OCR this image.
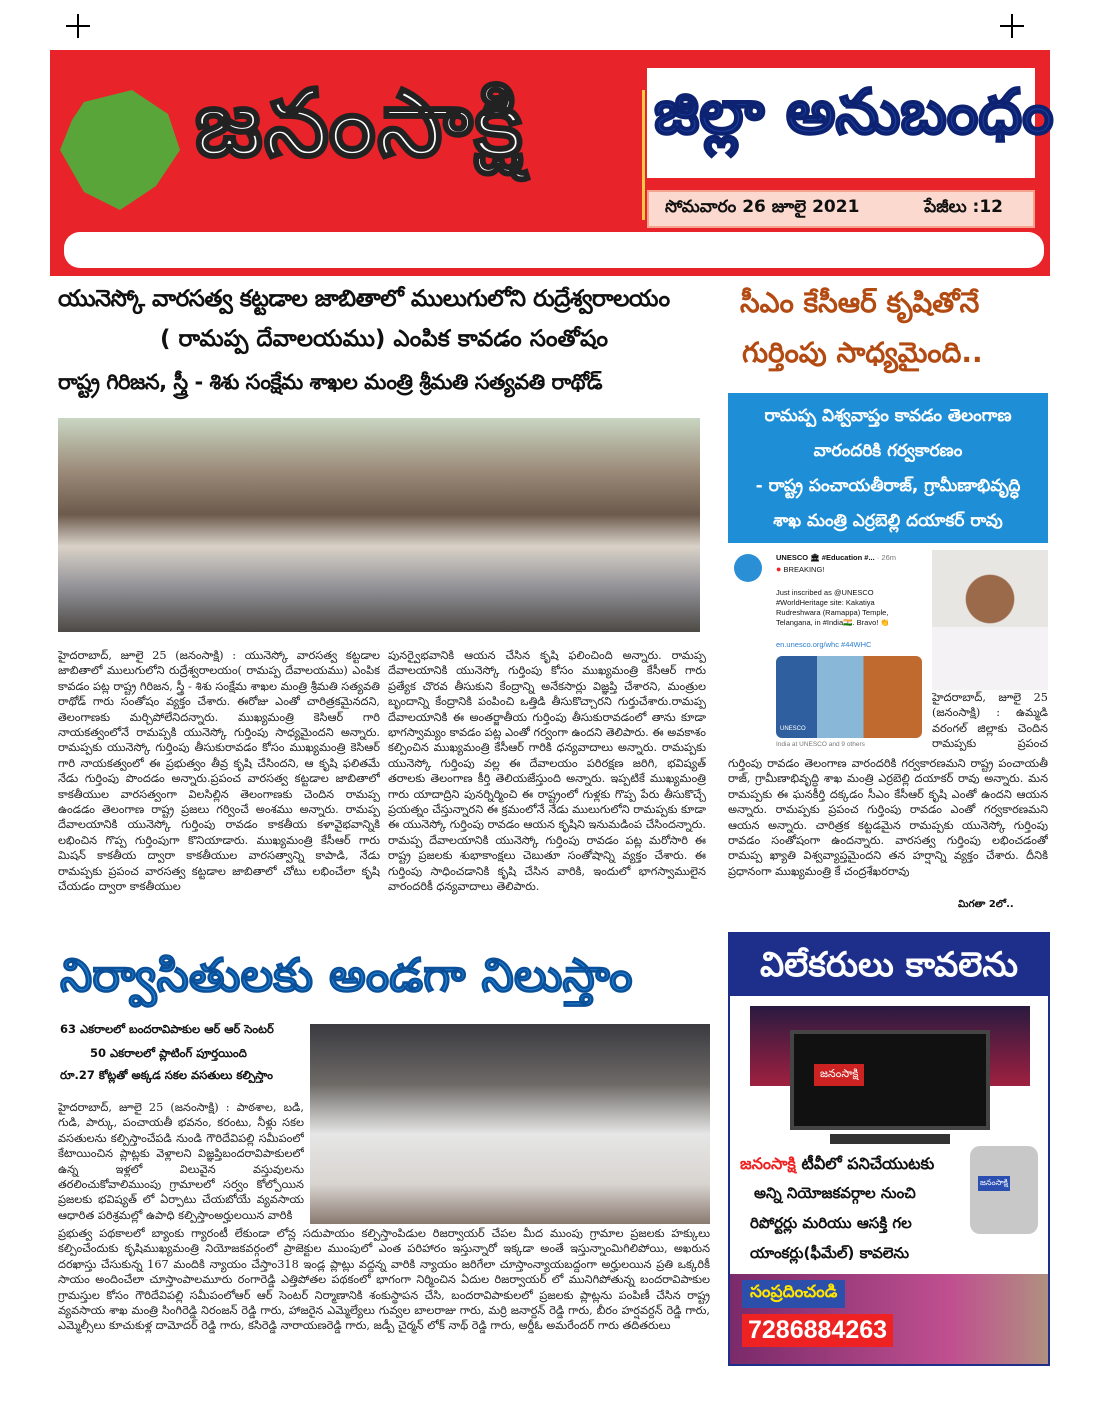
జనంసాక్షి జిల్లా అనుబంధం
సోమవారం 26 జూలై 2021	పేజీలు :12
యునెస్కో వారసత్వ కట్టడాల జాబితాలో ములుగులోని రుద్రేశ్వరాలయం
( రామప్ప దేవాలయము) ఎంపిక కావడం సంతోషం
రాష్ట్ర గిరిజన, స్త్రీ - శిశు సంక్షేమ శాఖల మంత్రి శ్రీమతి సత్యవతి రాథోడ్
హైదరాబాద్, జూలై 25 (జనంసాక్షి) : యునెస్కో వారసత్వ కట్టడాల జాబితాలో ములుగులోని రుద్రేశ్వరాలయం( రామప్ప దేవాలయము) ఎంపిక కావడం పట్ల రాష్ట్ర గిరిజన, స్త్రీ - శిశు సంక్షేమ శాఖల మంత్రి శ్రీమతి సత్యవతి రాథోడ్ గారు సంతోషం వ్యక్తం చేశారు. ఈరోజు ఎంతో చారిత్రకమైనదని, తెలంగాణకు మర్చిపోలేనిదన్నారు. ముఖ్యమంత్రి కెసిఆర్ గారి నాయకత్వంలోనే రామప్పకి యునెస్కో గుర్తింపు సాధ్యమైందని అన్నారు. రామప్పకు యునెస్కో గుర్తింపు తీసుకురావడం కోసం ముఖ్యమంత్రి కెసిఆర్ గారి నాయకత్వంలో ఈ ప్రభుత్వం తీవ్ర కృషి చేసిందని, ఆ కృషి ఫలితమే నేడు గుర్తింపు పొందడం అన్నారు.ప్రపంచ వారసత్వ కట్టడాల జాబితాలో కాకతీయుల వారసత్వంగా విలసిల్లిన తెలంగాణకు చెందిన రామప్ప ఉండడం తెలంగాణ రాష్ట్ర ప్రజలు గర్వించే అంశము అన్నారు. రామప్ప దేవాలయానికి యునెస్కో గుర్తింపు రావడం కాకతీయ కళావైభవాన్నికి లభించిన గొప్ప గుర్తింపుగా కొనియాడారు. ముఖ్యమంత్రి కేసీఆర్ గారు మిషన్ కాకతీయ ద్వారా కాకతీయుల వారసత్వాన్ని కాపాడి, నేడు రామప్పకు ప్రపంచ వారసత్వ కట్టడాల జాబితాలో చోటు లభించేలా కృషి చేయడం ద్వారా కాకతీయుల
పునర్వైభవానికి ఆయన చేసిన కృషి ఫలించింది అన్నారు. రామప్ప దేవాలయానికి యునెస్కో గుర్తింపు కోసం ముఖ్యమంత్రి కేసీఆర్ గారు ప్రత్యేక చొరవ తీసుకుని కేంద్రాన్ని అనేకసార్లు విజ్ఞప్తి చేశారని, మంత్రుల బృందాన్ని కేంద్రానికి పంపించి ఒత్తిడి తీసుకొచ్చారని గుర్తుచేశారు.రామప్ప దేవాలయానికి ఈ అంతర్జాతీయ గుర్తింపు తీసుకురావడంలో తాను కూడా భాగస్వామ్యం కావడం పట్ల ఎంతో గర్వంగా ఉందని తెలిపారు. ఈ అవకాశం కల్పించిన ముఖ్యమంత్రి కేసీఆర్ గారికి ధన్యవాదాలు అన్నారు. రామప్పకు యునెస్కో గుర్తింపు వల్ల ఈ దేవాలయం పరిరక్షణ జరిగి, భవిష్యత్ తరాలకు తెలంగాణ కీర్తి తెలియజేస్తుంది అన్నారు. ఇప్పటికే ముఖ్యమంత్రి గారు యాదాద్రిని పునర్నిర్మించి ఈ రాష్ట్రంలో గుళ్లకు గొప్ప పేరు తీసుకొచ్చే ప్రయత్నం చేస్తున్నారని ఈ క్రమంలోనే నేడు ములుగులోని రామప్పకు కూడా ఈ యునెస్కో గుర్తింపు రావడం ఆయన కృషిని ఇనుమడింప చేసిందన్నారు. రామప్ప దేవాలయానికి యునెస్కో గుర్తింపు రావడం పట్ల మరోసారి ఈ రాష్ట్ర ప్రజలకు శుభాకాంక్షలు చెబుతూ సంతోషాన్ని వ్యక్తం చేశారు. ఈ గుర్తింపు సాధించడానికి కృషి చేసిన వారికి, ఇందులో భాగస్వాములైన వారందరికీ ధన్యవాదాలు తెలిపారు.
సీఎం కేసీఆర్ కృషితోనే
గుర్తింపు సాధ్యమైంది..
రామప్ప విశ్వవాప్తం కావడం తెలంగాణ
వారందరికి గర్వకారణం
- రాష్ట్ర పంచాయతీరాజ్, గ్రామీణాభివృద్ధి
శాఖ మంత్రి ఎర్రబెల్లి దయాకర్ రావు
UNESCO 🏛 #Education #... · 26m
● BREAKING!
Just inscribed as @UNESCO #WorldHeritage site: Kakatiya Rudreshwara (Ramappa) Temple, Telangana, in #India🇮🇳. Bravo! 👏
en.unesco.org/whc #44WHC
UNESCO
India at UNESCO and 9 others
హైదరాబాద్, జూలై 25 (జనంసాక్షి) : ఉమ్మడి వరంగల్ జిల్లాకు చెందిన రామప్పకు ప్రపంచ
గుర్తింపు రావడం తెలంగాణ వారందరికి గర్వకారణమని రాష్ట్ర పంచాయతీ రాజ్, గ్రామీణాభివృద్ధి శాఖ మంత్రి ఎర్రబెల్లి దయాకర్ రావు అన్నారు. మన రామప్పకు ఈ ఘనకీర్తి దక్కడం సీఎం కేసీఆర్ కృషి ఎంతో ఉందని ఆయన అన్నారు. రామప్పకు ప్రపంచ గుర్తింపు రావడం ఎంతో గర్వకారణమని ఆయన అన్నారు. చారిత్రక కట్టడమైన రామప్పకు యునెస్కో గుర్తింపు రావడం సంతోషంగా ఉందన్నారు. వారసత్వ గుర్తింపు లభించడంతో రామప్ప ఖ్యాతి విశ్వవ్యాప్తమైందని తన హర్షాన్ని వ్యక్తం చేశారు. దీనికి ప్రధానంగా ముఖ్యమంత్రి కే చంద్రశేఖరరావు
మిగతా 2లో..
నిర్వాసితులకు అండగా నిలుస్తాం
63 ఎకరాలలో బందరావిపాకుల ఆర్ ఆర్ సెంటర్
50 ఎకరాలలో ప్లాటింగ్ పూర్తయింది
రూ.27 కోట్లతో అక్కడ సకల వసతులు కల్పిస్తాం
హైదరాబాద్, జూలై 25 (జనంసాక్షి) : పాఠశాల, బడి, గుడి, పార్కు, పంచాయతీ భవనం, కరంటు, నీళ్లు సకల వసతులను కల్పిస్తాంచేపడి నుండి గౌరిదేవిపల్లి సమీపంలో కేటాయించిన ప్లాట్లకు వెళ్లాలని విజ్ఞప్తిబందరావిపాకులలో ఉన్న ఇళ్లలో విలువైన వస్తువులను తరలించుకోవాలిముంపు గ్రామాలలో సర్వం కోల్పోయిన ప్రజలకు భవిష్యత్ లో ఏర్పాటు చేయబోయే వ్యవసాయ ఆధారిత పరిశ్రమల్లో ఉపాధి కల్పిస్తాంఅర్హులయిన వారికి
ప్రభుత్వ పథకాలలో బ్యాంకు గ్యారంటీ లేకుండా లోన్ల సదుపాయం కల్పిస్తాంపిడుల రిజర్వాయర్ చేపల మీద ముంపు గ్రామాల ప్రజలకు హక్కులు కల్పించేందుకు కృషిముఖ్యమంత్రి నియోజకవర్గంలో ప్రాజెక్టుల ముంపులో ఎంత పరిహారం ఇస్తున్నారో ఇక్కడా అంతే ఇస్తున్నాంమిగిలిపోయి, అఖరున దరఖాస్తు చేసుకున్న 167 మందికి న్యాయం చేస్తాం318 ఇండ్ల ప్లాట్లు వద్దన్న వారికి న్యాయం జరిగేలా చూస్తాంన్యాయబద్దంగా అర్హులయిన ప్రతి ఒక్కరికీ సాయం అందించేలా చూస్తాంపాలమూరు రంగారెడ్డి ఎత్తిపోతల పథకంలో భాగంగా నిర్మించిన ఏదుల రిజర్వాయర్ లో మునిగిపోతున్న బందరావిపాకుల గ్రామస్తుల కోసం గౌరిదేవిపల్లి సమీపంలోఆర్ ఆర్ సెంటర్ నిర్మాణానికి శంకుస్థాపన చేసి, బందరావిపాకులలో ప్రజలకు ప్లాట్లను పంపిణీ చేసిన రాష్ట్ర వ్యవసాయ శాఖ మంత్రి సింగిరెడ్డి నిరంజన్ రెడ్డి గారు, హాజరైన ఎమ్మెల్యేలు గువ్వల బాలరాజు గారు, మర్రి జనార్దన్ రెడ్డి గారు, బీరం హర్షవర్దన్ రెడ్డి గారు, ఎమ్మెల్సీలు కూచుకుళ్ల దామోదర్ రెడ్డి గారు, కసిరెడ్డి నారాయణరెడ్డి గారు, జడ్పీ చైర్మన్ లోక్ నాథ్ రెడ్డి గారు, అర్డీఓ అమరేందర్ గారు తదితరులు
విలేకరులు కావలెను
జనంసాక్షి
జనంసాక్షి టీవీలో పనిచేయుటకు
అన్ని నియోజకవర్గాల నుంచి
రిపోర్టర్లు మరియు ఆసక్తి గల
యాంకర్లు(ఫీమేల్) కావలెను
జనంసాక్షి
సంప్రదించండి
7286884263
